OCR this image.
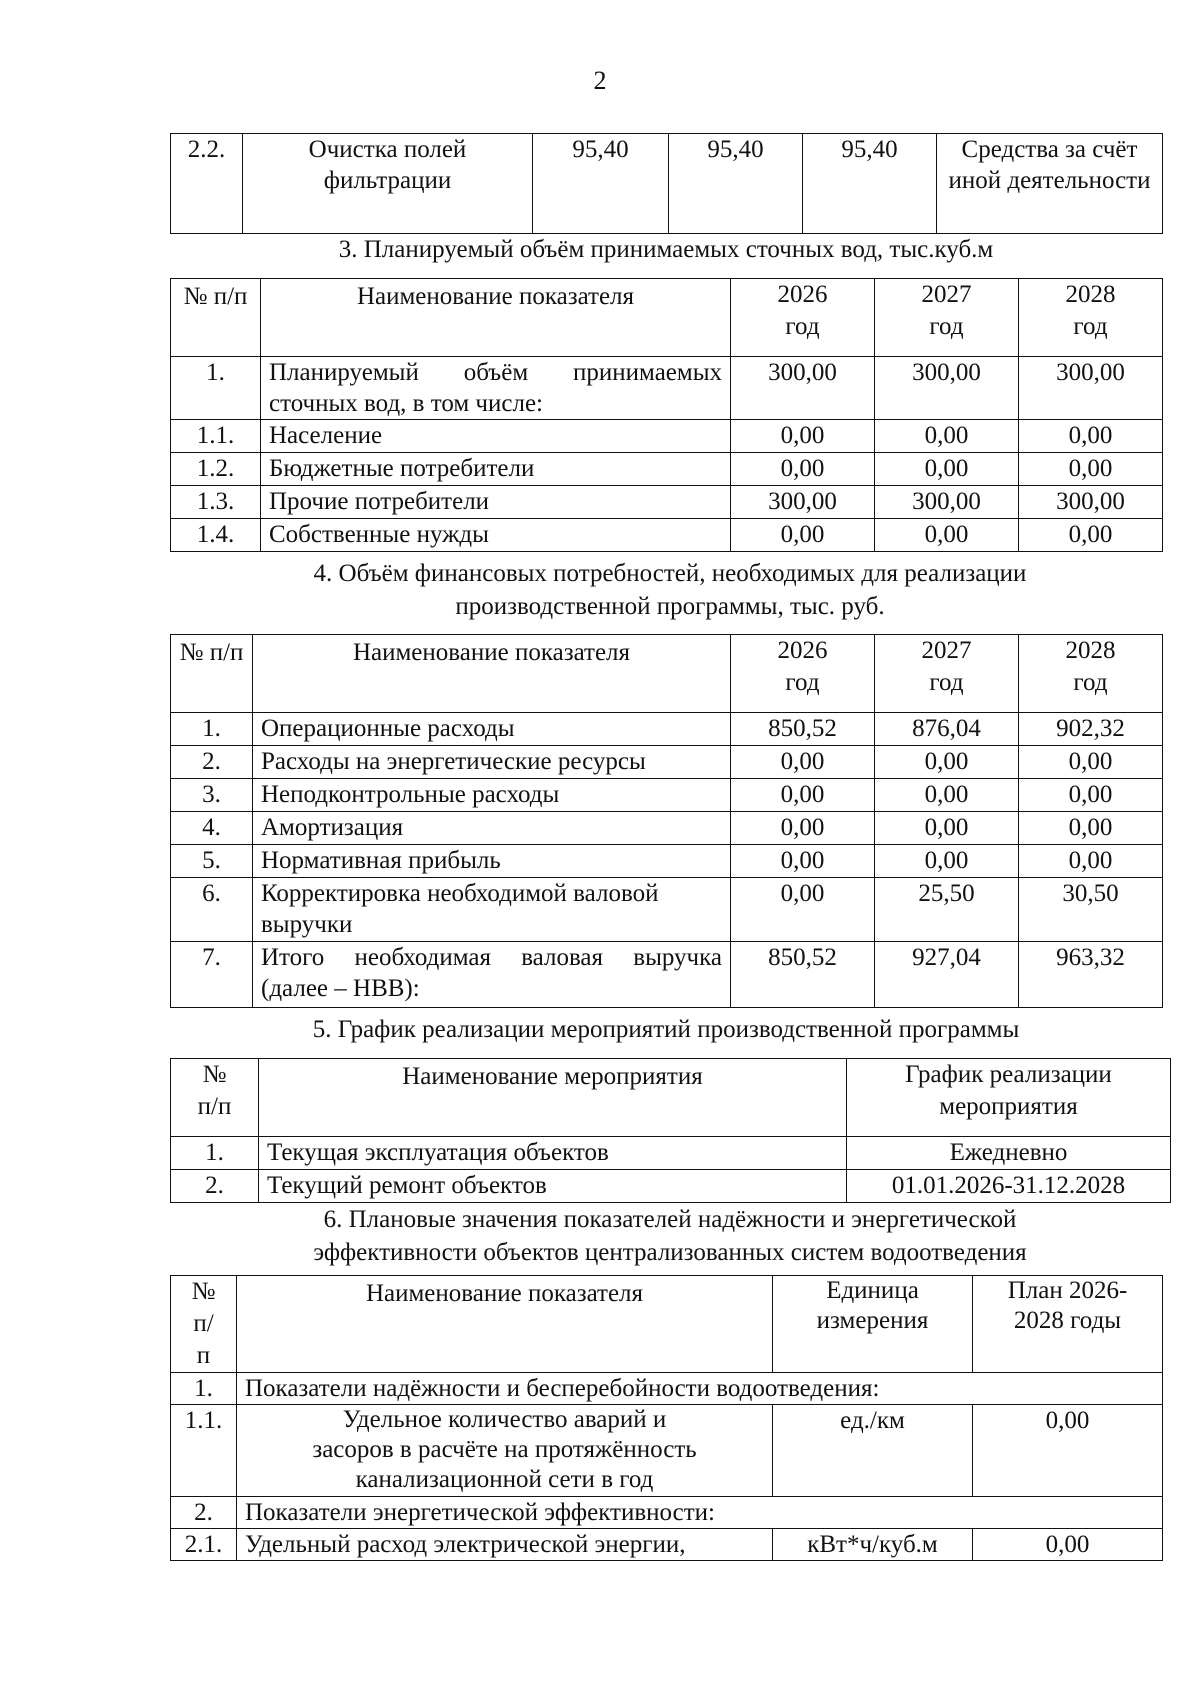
2
2.2.	Очистка полей фильтрации	95,40	95,40	95,40	Средства за счёт иной деятельности
3. Планируемый объём принимаемых сточных вод, тыс.куб.м
№ п/п	Наименование показателя	2026 год	2027 год	2028 год
1.	Планируемый объём принимаемых сточных вод, в том числе:	300,00	300,00	300,00
1.1.	Население	0,00	0,00	0,00
1.2.	Бюджетные потребители	0,00	0,00	0,00
1.3.	Прочие потребители	300,00	300,00	300,00
1.4.	Собственные нужды	0,00	0,00	0,00
4. Объём финансовых потребностей, необходимых для реализации производственной программы, тыс. руб.
№ п/п	Наименование показателя	2026 год	2027 год	2028 год
1.	Операционные расходы	850,52	876,04	902,32
2.	Расходы на энергетические ресурсы	0,00	0,00	0,00
3.	Неподконтрольные расходы	0,00	0,00	0,00
4.	Амортизация	0,00	0,00	0,00
5.	Нормативная прибыль	0,00	0,00	0,00
6.	Корректировка необходимой валовой выручки	0,00	25,50	30,50
7.	Итого необходимая валовая выручка (далее – НВВ):	850,52	927,04	963,32
5. График реализации мероприятий производственной программы
№ п/п	Наименование мероприятия	График реализации мероприятия
1.	Текущая эксплуатация объектов	Ежедневно
2.	Текущий ремонт объектов	01.01.2026-31.12.2028
6. Плановые значения показателей надёжности и энергетической эффективности объектов централизованных систем водоотведения
№ п/п	Наименование показателя	Единица измерения	План 2026-2028 годы
1.	Показатели надёжности и бесперебойности водоотведения:		
1.1.	Удельное количество аварий и засоров в расчёте на протяжённость канализационной сети в год	ед./км	0,00
2.	Показатели энергетической эффективности:		
2.1.	Удельный расход электрической энергии,	кВт*ч/куб.м	0,00
